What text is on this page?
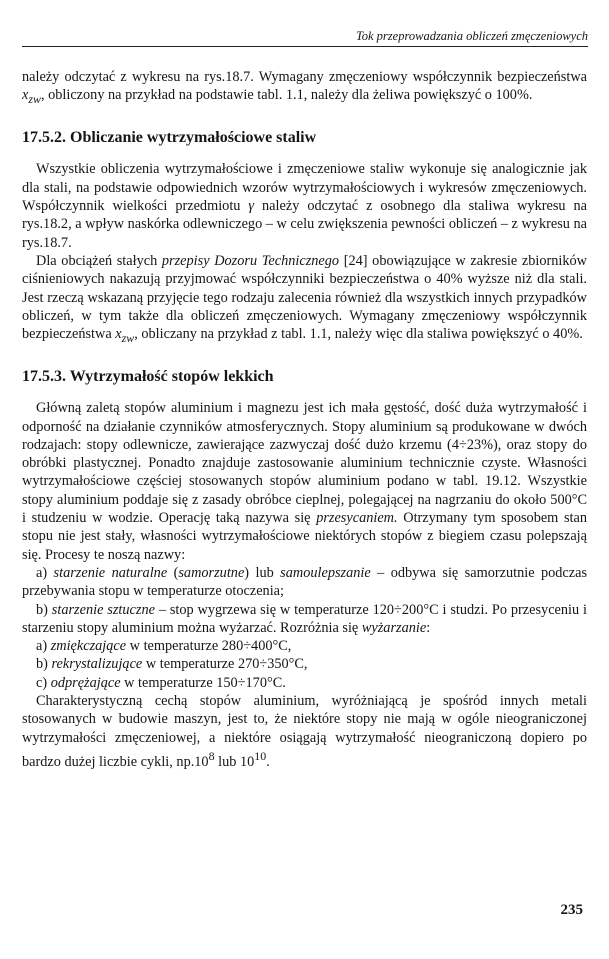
Tok przeprowadzania obliczeń zmęczeniowych

należy odczytać z wykresu na rys.18.7. Wymagany zmęczeniowy współczynnik bezpieczeństwa $x_{zw}$, obliczony na przykład na podstawie tabl. 1.1, należy dla żeliwa powiększyć o 100%.

17.5.2. Obliczanie wytrzymałościowe staliw

Wszystkie obliczenia wytrzymałościowe i zmęczeniowe staliw wykonuje się analogicznie jak dla stali, na podstawie odpowiednich wzorów wytrzymałościowych i wykresów zmęczeniowych. Współczynnik wielkości przedmiotu γ należy odczytać z osobnego dla staliwa wykresu na rys.18.2, a wpływ naskórka odlewniczego – w celu zwiększenia pewności obliczeń – z wykresu na rys.18.7.

Dla obciążeń stałych przepisy Dozoru Technicznego [24] obowiązujące w zakresie zbiorników ciśnieniowych nakazują przyjmować współczynniki bezpieczeństwa o 40% wyższe niż dla stali. Jest rzeczą wskazaną przyjęcie tego rodzaju zalecenia również dla wszystkich innych przypadków obliczeń, w tym także dla obliczeń zmęczeniowych. Wymagany zmęczeniowy współczynnik bezpieczeństwa $x_{zw}$, obliczany na przykład z tabl. 1.1, należy więc dla staliwa powiększyć o 40%.

17.5.3. Wytrzymałość stopów lekkich

Główną zaletą stopów aluminium i magnezu jest ich mała gęstość, dość duża wytrzymałość i odporność na działanie czynników atmosferycznych. Stopy aluminium są produkowane w dwóch rodzajach: stopy odlewnicze, zawierające zazwyczaj dość dużo krzemu (4÷23%), oraz stopy do obróbki plastycznej. Ponadto znajduje zastosowanie aluminium technicznie czyste. Własności wytrzymałościowe częściej stosowanych stopów aluminium podano w tabl. 19.12. Wszystkie stopy aluminium poddaje się z zasady obróbce cieplnej, polegającej na nagrzaniu do około 500°C i studzeniu w wodzie. Operację taką nazywa się przesycaniem. Otrzymany tym sposobem stan stopu nie jest stały, własności wytrzymałościowe niektórych stopów z biegiem czasu polepszają się. Procesy te noszą nazwy:

a) starzenie naturalne (samorzutne) lub samoulepszanie – odbywa się samorzutnie podczas przebywania stopu w temperaturze otoczenia;

b) starzenie sztuczne – stop wygrzewa się w temperaturze 120÷200°C i studzi. Po przesyceniu i starzeniu stopy aluminium można wyżarzać. Rozróżnia się wyżarzanie:

a) zmiękczające w temperaturze 280÷400°C,
b) rekrystalizujące w temperaturze 270÷350°C,
c) odprężające w temperaturze 150÷170°C.

Charakterystyczną cechą stopów aluminium, wyróżniającą je spośród innych metali stosowanych w budowie maszyn, jest to, że niektóre stopy nie mają w ogóle nieograniczonej wytrzymałości zmęczeniowej, a niektóre osiągają wytrzymałość nieograniczoną dopiero po bardzo dużej liczbie cykli, $np.10^8$ lub $10^{10}$.

235
